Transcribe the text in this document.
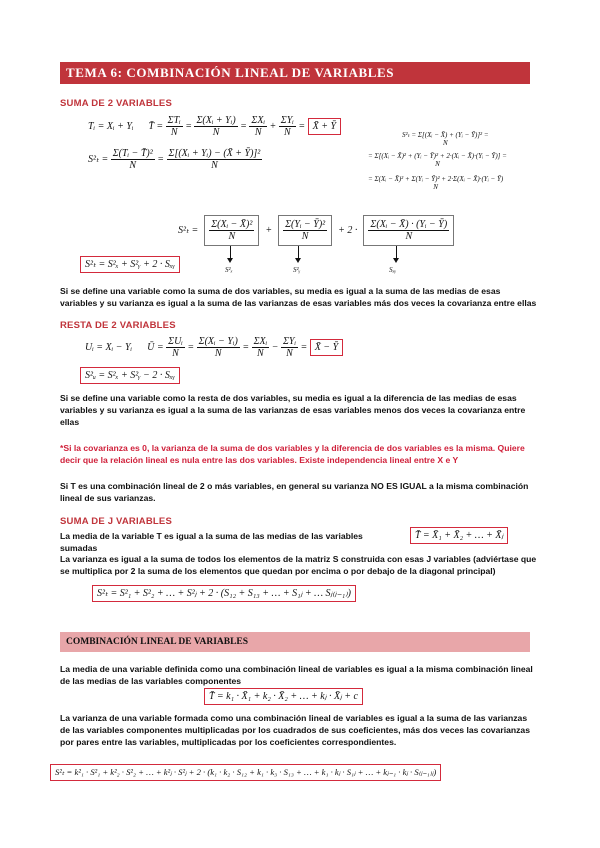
TEMA 6: COMBINACIÓN LINEAL DE VARIABLES
SUMA DE 2 VARIABLES
Tᵢ = Xᵢ + Yᵢ T̄ = $\frac{\text{ΣTᵢ}}{N} = \frac{\text{Σ(Xᵢ + Yᵢ)}}{N} = \frac{\text{ΣXᵢ}}{N} + \frac{\text{ΣYᵢ}}{N}$ = X̄ + Ȳ
$S^2_t = \frac{\text{Σ(Tᵢ − T̄)²}}{N} = \frac{\text{Σ[(Xᵢ + Yᵢ) − (X̄ + Ȳ)]²}}{N}$
S²ₜ = Σ[(Xᵢ − X̄) + (Yᵢ − Ȳ)]² =
N
= Σ[(Xᵢ − X̄)² + (Yᵢ − Ȳ)² + 2·(Xᵢ − X̄)·(Yᵢ − Ȳ)] =
N
= Σ(Xᵢ − X̄)² + Σ(Yᵢ − Ȳ)² + 2·Σ(Xᵢ − X̄)·(Yᵢ − Ȳ)
N
$S^2_t = \frac{\text{Σ(Xᵢ − X̄)²}}{N} + \frac{\text{Σ(Yᵢ − Ȳ)²}}{N} + 2 \cdot \frac{\text{Σ(Xᵢ − X̄) · (Yᵢ − Ȳ)}}{N}$
S²ₓ	S²ᵧ	Sₓᵧ
S²ₜ = S²ₓ + S²ᵧ + 2 · Sₓᵧ
Si se define una variable como la suma de dos variables, su media es igual a la suma de las medias de esas variables y su varianza es igual a la suma de las varianzas de esas variables más dos veces la covarianza entre ellas
RESTA DE 2 VARIABLES
Uᵢ = Xᵢ − Yᵢ Ū = $\frac{\text{ΣUᵢ}}{N} = \frac{\text{Σ(Xᵢ − Yᵢ)}}{N} = \frac{\text{ΣXᵢ}}{N} - \frac{\text{ΣYᵢ}}{N}$ = X̄ − Ȳ
S²ᵤ = S²ₓ + S²ᵧ − 2 · Sₓᵧ
Si se define una variable como la resta de dos variables, su media es igual a la diferencia de las medias de esas variables y su varianza es igual a la suma de las varianzas de esas variables menos dos veces la covarianza entre ellas
*Si la covarianza es 0, la varianza de la suma de dos variables y la diferencia de dos variables es la misma. Quiere decir que la relación lineal es nula entre las dos variables. Existe independencia lineal entre X e Y
Si T es una combinación lineal de 2 o más variables, en general su varianza NO ES IGUAL a la misma combinación lineal de sus varianzas.
SUMA DE J VARIABLES
La media de la variable T es igual a la suma de las medias de las variables sumadas
T̄ = X̄₁ + X̄₂ + … + X̄ⱼ
La varianza es igual a la suma de todos los elementos de la matriz S construida con esas J variables (adviértase que se multiplica por 2 la suma de los elementos que quedan por encima o por debajo de la diagonal principal)
S²ₜ = S²₁ + S²₂ + … + S²ⱼ + 2 · (S₁₂ + S₁₃ + … + S₁ⱼ + … Sⱼ₍ⱼ₋₁₎)
COMBINACIÓN LINEAL DE VARIABLES
La media de una variable definida como una combinación lineal de variables es igual a la misma combinación lineal de las medias de las variables componentes
T̄ = k₁ · X̄₁ + k₂ · X̄₂ + … + kⱼ · X̄ⱼ + c
La varianza de una variable formada como una combinación lineal de variables es igual a la suma de las varianzas de las variables componentes multiplicadas por los cuadrados de sus coeficientes, más dos veces las covarianzas por pares entre las variables, multiplicadas por los coeficientes correspondientes.
S²ₜ = k²₁ · S²₁ + k²₂ · S²₂ + … + k²ⱼ · S²ⱼ + 2 · (k₁ · k₂ · S₁₂ + k₁ · k₃ · S₁₃ + … + k₁ · kⱼ · S₁ⱼ + … + kⱼ₋₁ · kⱼ · S₍ⱼ₋₁₎ⱼ)
